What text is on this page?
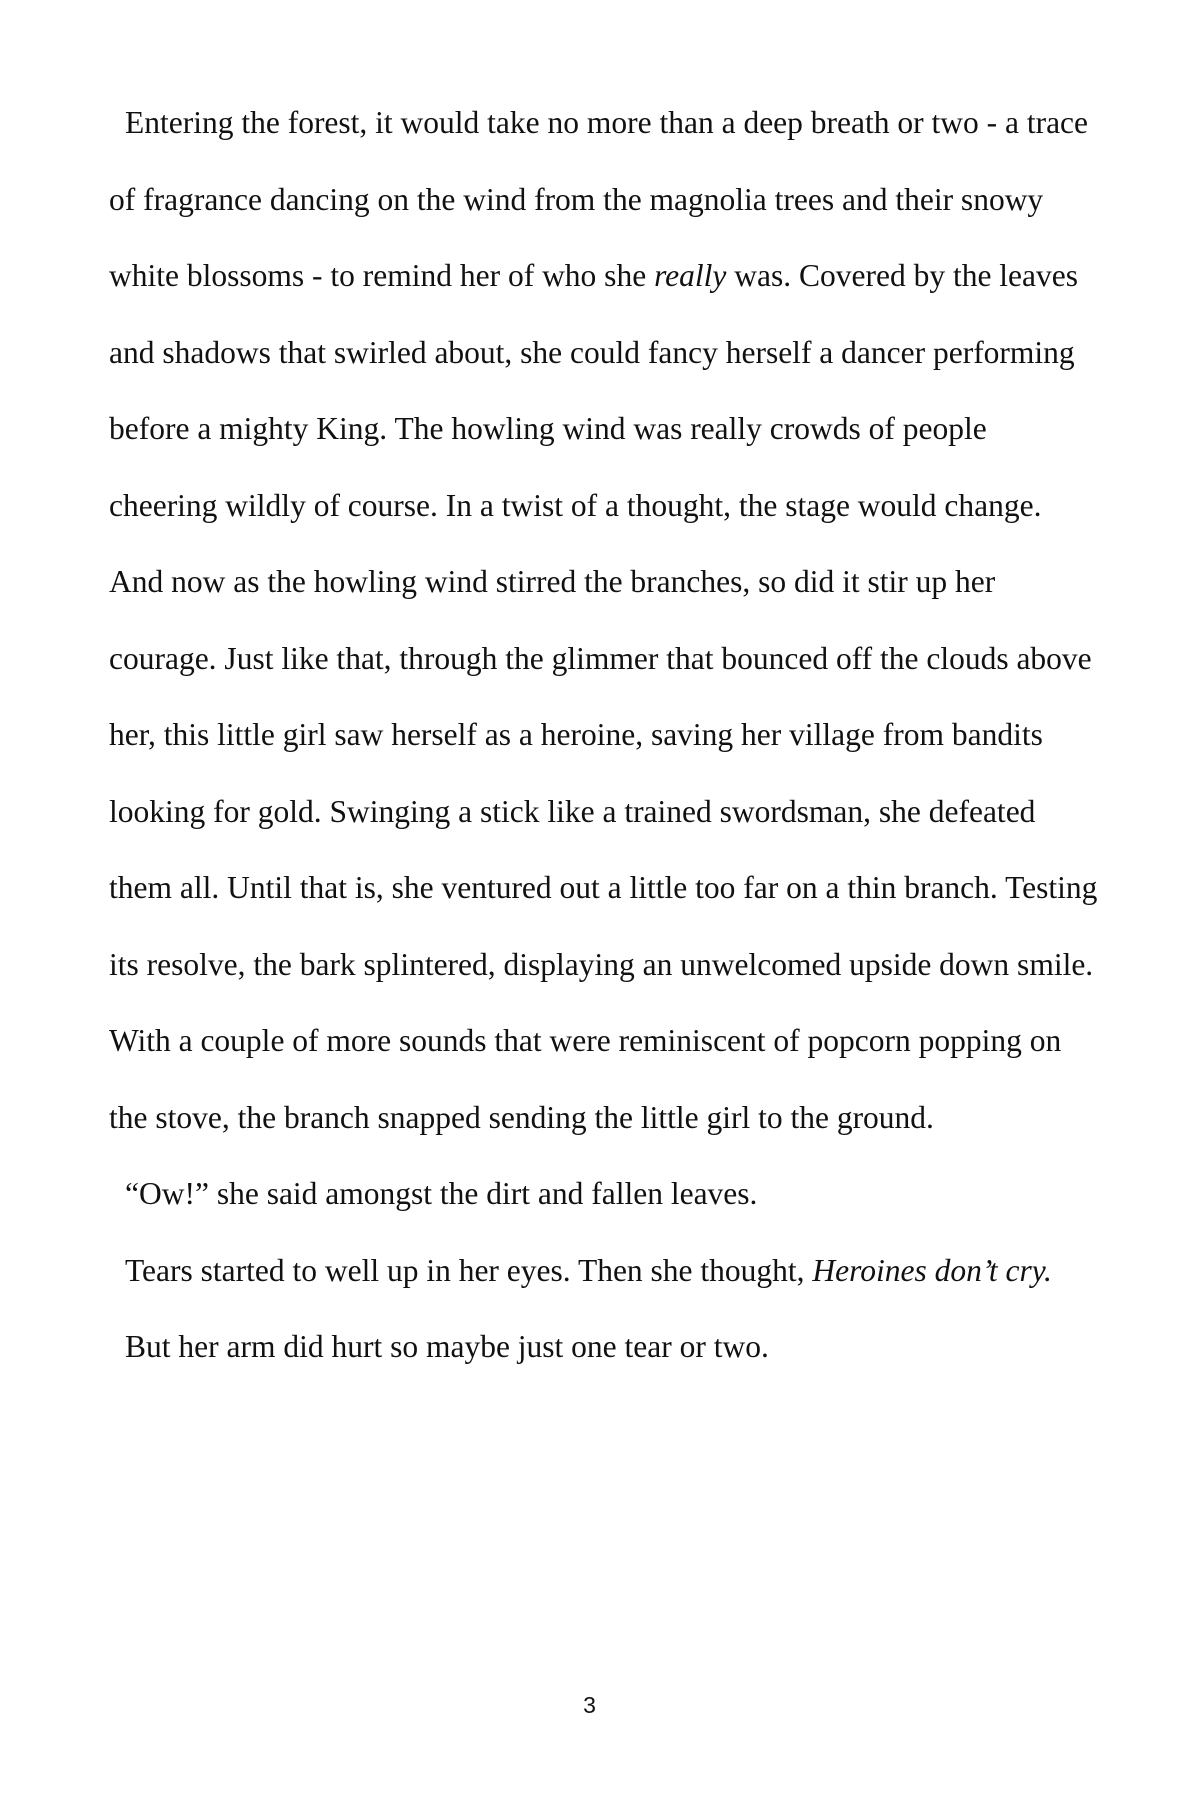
Entering the forest, it would take no more than a deep breath or two - a trace of fragrance dancing on the wind from the magnolia trees and their snowy white blossoms - to remind her of who she really was. Covered by the leaves and shadows that swirled about, she could fancy herself a dancer performing before a mighty King. The howling wind was really crowds of people cheering wildly of course. In a twist of a thought, the stage would change. And now as the howling wind stirred the branches, so did it stir up her courage. Just like that, through the glimmer that bounced off the clouds above her, this little girl saw herself as a heroine, saving her village from bandits looking for gold. Swinging a stick like a trained swordsman, she defeated them all. Until that is, she ventured out a little too far on a thin branch. Testing its resolve, the bark splintered, displaying an unwelcomed upside down smile. With a couple of more sounds that were reminiscent of popcorn popping on the stove, the branch snapped sending the little girl to the ground.

“Ow!” she said amongst the dirt and fallen leaves.

Tears started to well up in her eyes. Then she thought, Heroines don’t cry.

But her arm did hurt so maybe just one tear or two.

3
